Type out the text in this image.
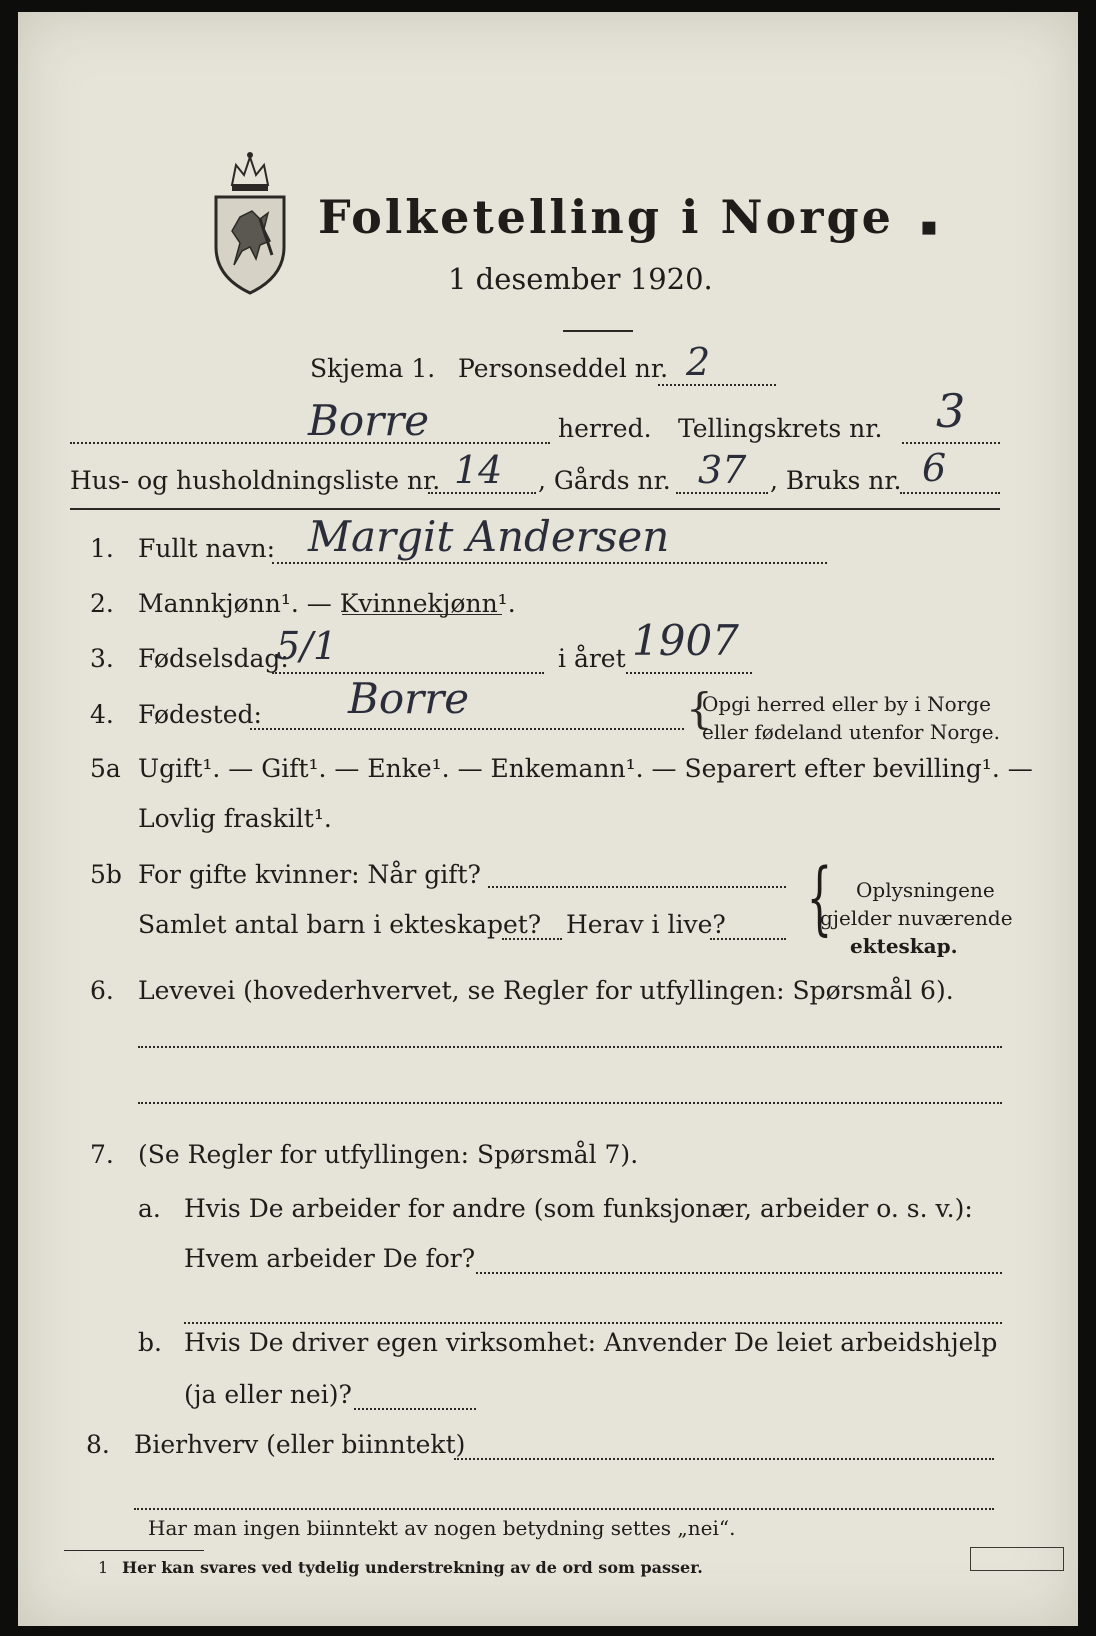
Folketelling i Norge ▪
1 desember 1920.
Skjema 1. Personseddel nr. 2
Borre	herred. Tellingskrets nr. 3
Hus- og husholdningsliste nr. 14 , Gårds nr. 37 , Bruks nr. 6
1. Fullt navn: Margit Andersen
2. Mannkjønn¹. — Kvinnekjønn¹.
3. Fødselsdag:
5/1	i året 1907
4. Fødested: Borre	{
Opgi herred eller by i Norge
eller fødeland utenfor Norge.
5a Ugift¹. — Gift¹. — Enke¹. — Enkemann¹. — Separert efter bevilling¹. —
Lovlig fraskilt¹.
5b For gifte kvinner: Når gift?
Samlet antal barn i ekteskapet? Herav i live? { Oplysningene
gjelder nuværende
ekteskap.
6. Levevei (hovederhvervet, se Regler for utfyllingen: Spørsmål 6).
7. (Se Regler for utfyllingen: Spørsmål 7).
a. Hvis De arbeider for andre (som funksjonær, arbeider o. s. v.):
Hvem arbeider De for?
b. Hvis De driver egen virksomhet: Anvender De leiet arbeidshjelp
(ja eller nei)?
8. Bierhverv (eller biinntekt)
Har man ingen biinntekt av nogen betydning settes „nei“.
1 Her kan svares ved tydelig understrekning av de ord som passer.
